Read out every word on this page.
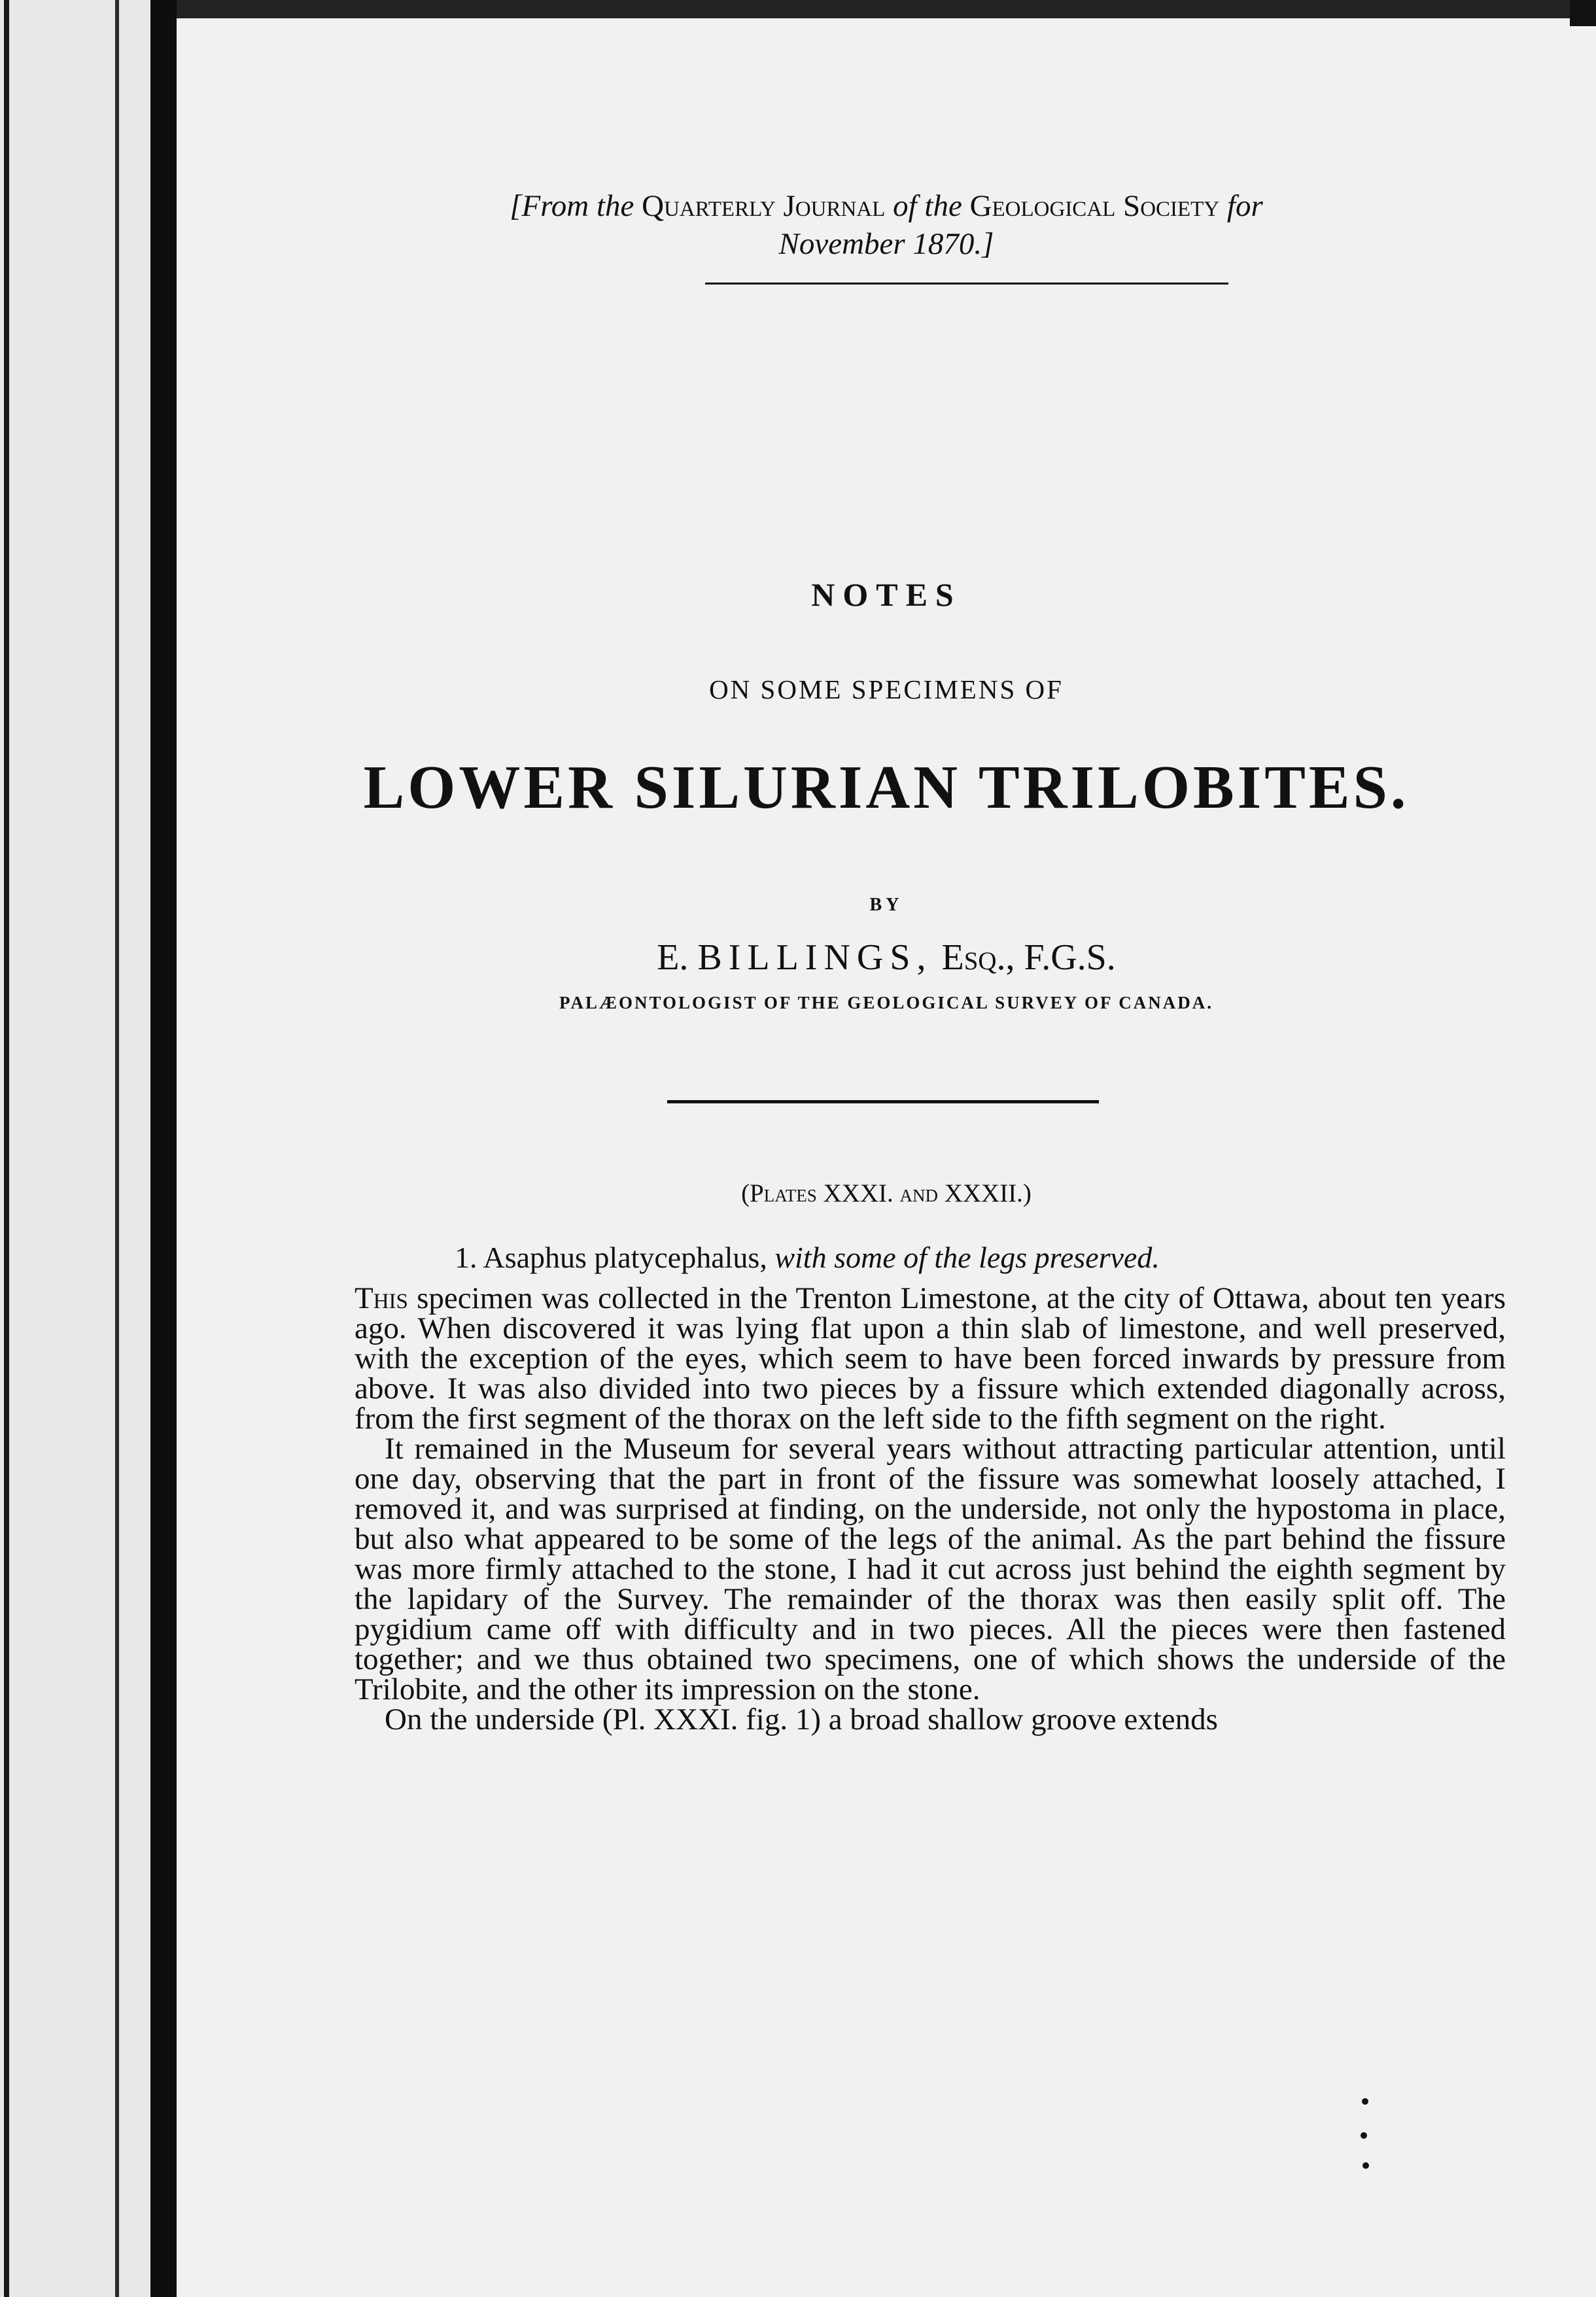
[From the Quarterly Journal of the Geological Society for
November 1870.]
NOTES
ON SOME SPECIMENS OF
LOWER SILURIAN TRILOBITES.
BY
E. BILLINGS, Esq., F.G.S.
PALÆONTOLOGIST OF THE GEOLOGICAL SURVEY OF CANADA.
(Plates XXXI. and XXXII.)
1. Asaphus platycephalus, with some of the legs preserved.

This specimen was collected in the Trenton Limestone, at the city of Ottawa, about ten years ago. When discovered it was lying flat upon a thin slab of limestone, and well preserved, with the exception of the eyes, which seem to have been forced inwards by pressure from above. It was also divided into two pieces by a fissure which extended diagonally across, from the first segment of the thorax on the left side to the fifth segment on the right.

It remained in the Museum for several years without attracting particular attention, until one day, observing that the part in front of the fissure was somewhat loosely attached, I removed it, and was surprised at finding, on the underside, not only the hypostoma in place, but also what appeared to be some of the legs of the animal. As the part behind the fissure was more firmly attached to the stone, I had it cut across just behind the eighth segment by the lapidary of the Survey. The remainder of the thorax was then easily split off. The pygidium came off with difficulty and in two pieces. All the pieces were then fastened together; and we thus obtained two specimens, one of which shows the underside of the Trilobite, and the other its impression on the stone.

On the underside (Pl. XXXI. fig. 1) a broad shallow groove extends
